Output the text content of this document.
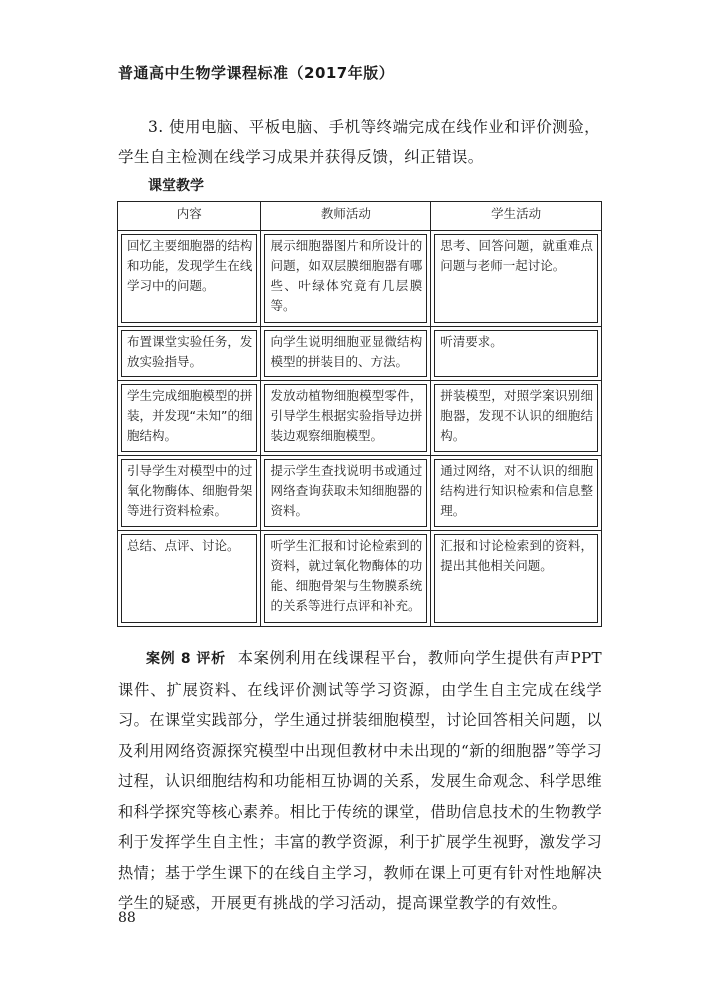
普通高中生物学课程标准（2017年版）
3. 使用电脑、平板电脑、手机等终端完成在线作业和评价测验，学生自主检测在线学习成果并获得反馈，纠正错误。
课堂教学
内容	教师活动	学生活动

回忆主要细胞器的结构和功能，发现学生在线学习中的问题。	展示细胞器图片和所设计的问题，如双层膜细胞器有哪些、叶绿体究竟有几层膜等。	思考、回答问题，就重难点问题与老师一起讨论。

布置课堂实验任务，发放实验指导。	向学生说明细胞亚显微结构模型的拼装目的、方法。	听清要求。

学生完成细胞模型的拼装，并发现“未知”的细胞结构。	发放动植物细胞模型零件，引导学生根据实验指导边拼装边观察细胞模型。	拼装模型，对照学案识别细胞器，发现不认识的细胞结构。

引导学生对模型中的过氧化物酶体、细胞骨架等进行资料检索。	提示学生查找说明书或通过网络查询获取未知细胞器的资料。	通过网络，对不认识的细胞结构进行知识检索和信息整理。

总结、点评、讨论。	听学生汇报和讨论检索到的资料，就过氧化物酶体的功能、细胞骨架与生物膜系统的关系等进行点评和补充。	汇报和讨论检索到的资料，提出其他相关问题。
案例 8 评析 本案例利用在线课程平台，教师向学生提供有声PPT课件、扩展资料、在线评价测试等学习资源，由学生自主完成在线学习。在课堂实践部分，学生通过拼装细胞模型，讨论回答相关问题，以及利用网络资源探究模型中出现但教材中未出现的“新的细胞器”等学习过程，认识细胞结构和功能相互协调的关系，发展生命观念、科学思维和科学探究等核心素养。相比于传统的课堂，借助信息技术的生物教学利于发挥学生自主性；丰富的教学资源，利于扩展学生视野，激发学习热情；基于学生课下的在线自主学习，教师在课上可更有针对性地解决学生的疑惑，开展更有挑战的学习活动，提高课堂教学的有效性。
88
